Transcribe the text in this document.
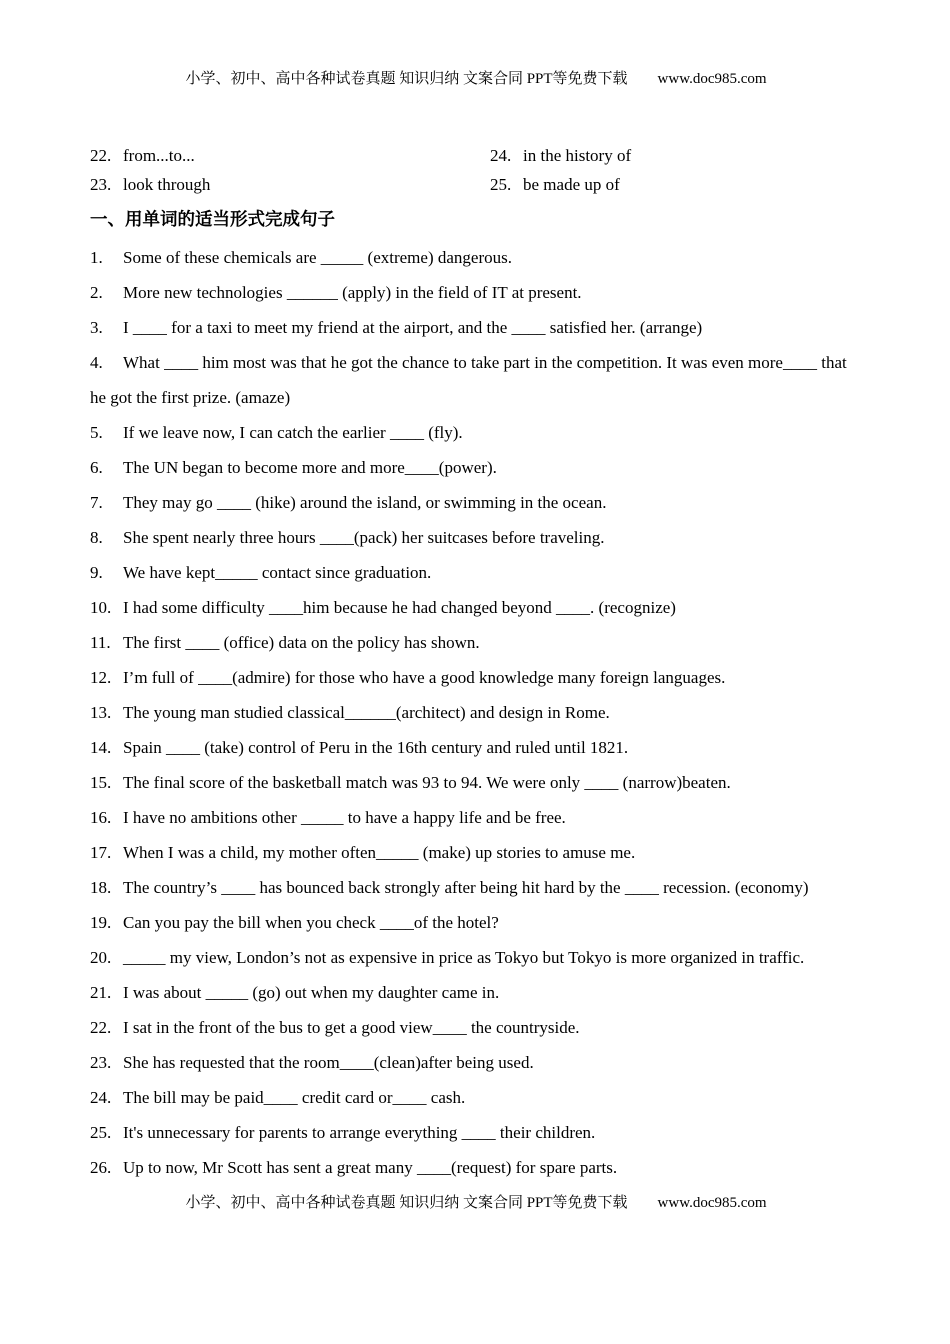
小学、初中、高中各种试卷真题 知识归纳 文案合同 PPT等免费下载 www.doc985.com
22. from...to...
23. look through
24. in the history of
25. be made up of
一、用单词的适当形式完成句子

1. Some of these chemicals are _____ (extreme) dangerous.

2. More new technologies ______ (apply) in the field of IT at present.

3. I ____ for a taxi to meet my friend at the airport, and the ____ satisfied her. (arrange)

4. What ____ him most was that he got the chance to take part in the competition. It was even more____ that he got the first prize. (amaze)

5. If we leave now, I can catch the earlier ____ (fly).

6. The UN began to become more and more____(power).

7. They may go ____ (hike) around the island, or swimming in the ocean.

8. She spent nearly three hours ____(pack) her suitcases before traveling.

9. We have kept_____ contact since graduation.

10. I had some difficulty ____him because he had changed beyond ____. (recognize)

11. The first ____ (office) data on the policy has shown.

12. I’m full of ____(admire) for those who have a good knowledge many foreign languages.

13. The young man studied classical______(architect) and design in Rome.

14. Spain ____ (take) control of Peru in the 16th century and ruled until 1821.

15. The final score of the basketball match was 93 to 94. We were only ____ (narrow)beaten.

16. I have no ambitions other _____ to have a happy life and be free.

17. When I was a child, my mother often_____ (make) up stories to amuse me.

18. The country’s ____ has bounced back strongly after being hit hard by the ____ recession. (economy)

19. Can you pay the bill when you check ____of the hotel?

20. _____ my view, London’s not as expensive in price as Tokyo but Tokyo is more organized in traffic.

21. I was about _____ (go) out when my daughter came in.

22. I sat in the front of the bus to get a good view____ the countryside.

23. She has requested that the room____(clean)after being used.

24. The bill may be paid____ credit card or____ cash.

25. It's unnecessary for parents to arrange everything ____ their children.

26. Up to now, Mr Scott has sent a great many ____(request) for spare parts.

小学、初中、高中各种试卷真题 知识归纳 文案合同 PPT等免费下载 www.doc985.com
